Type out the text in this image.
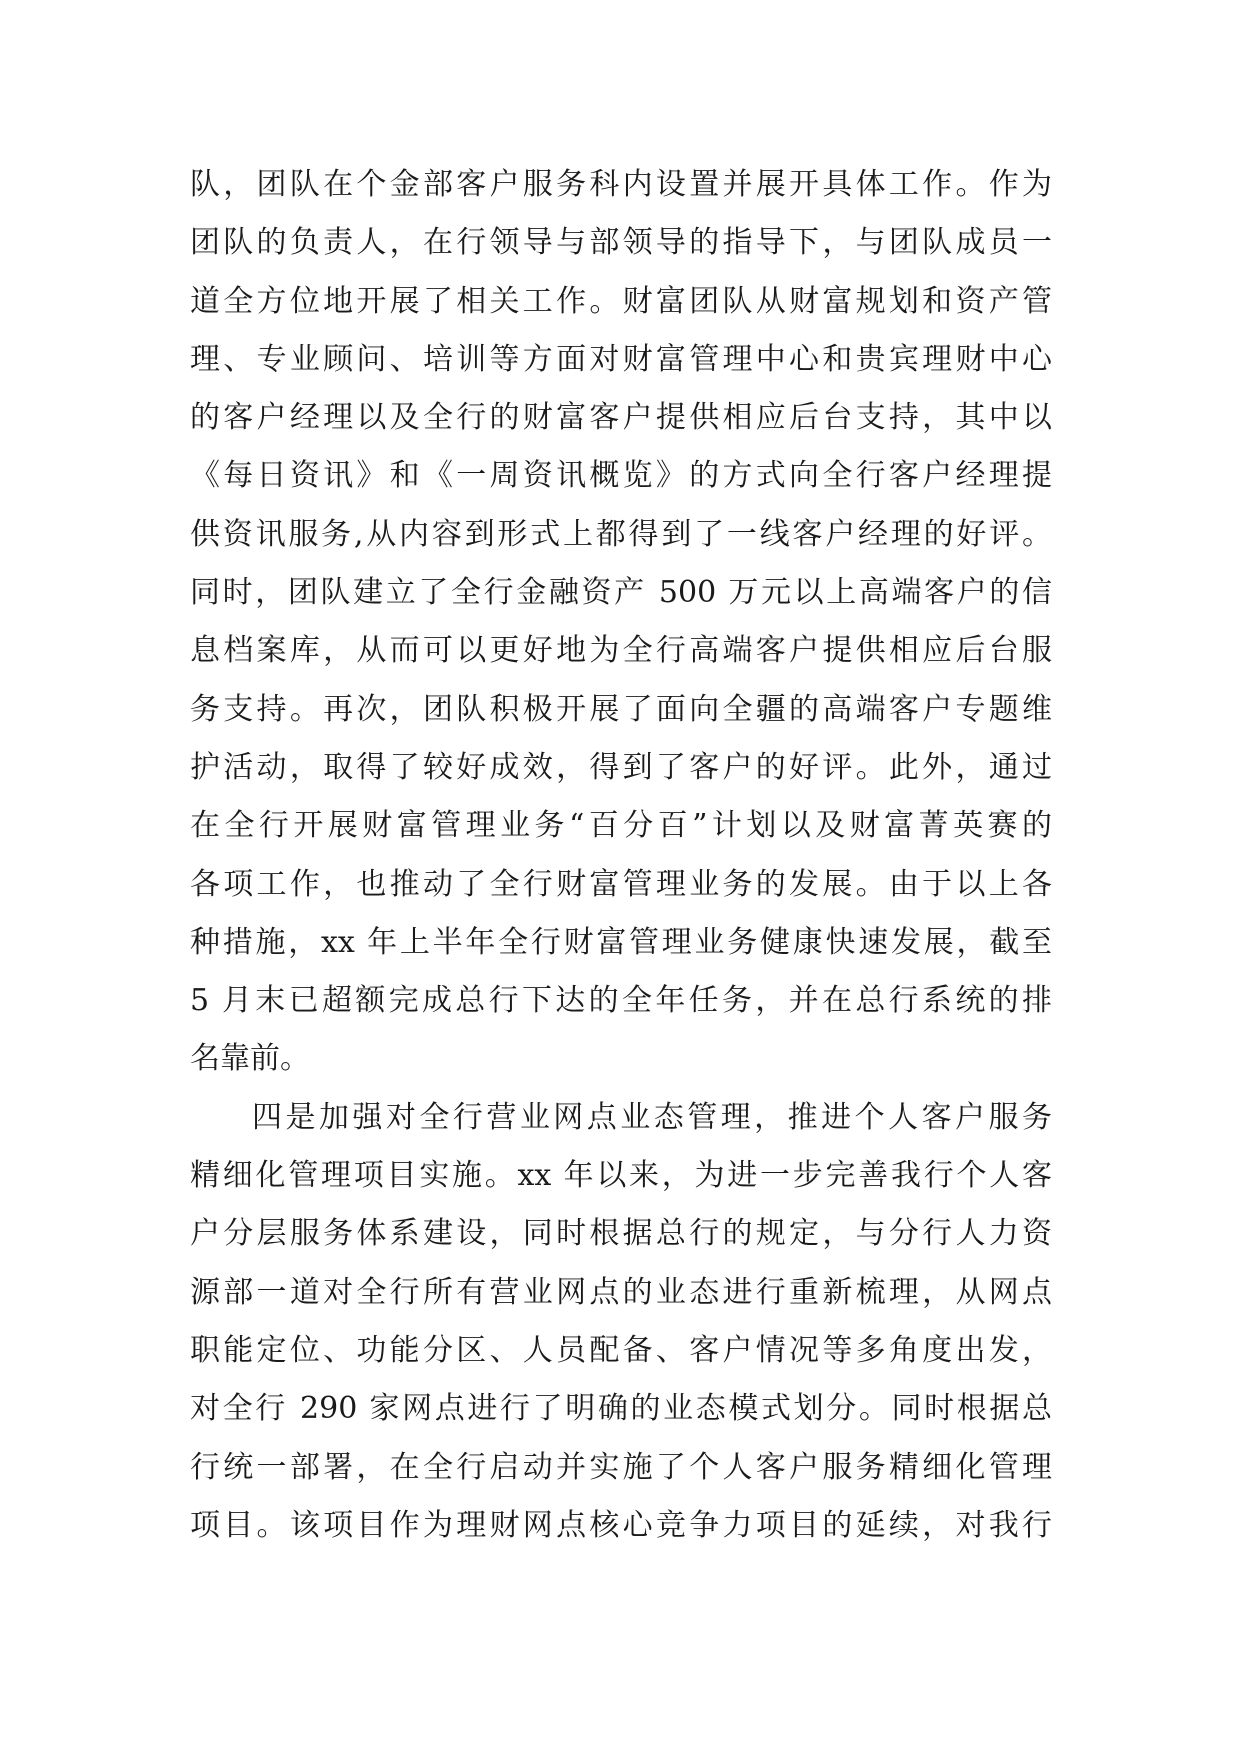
队，团队在个金部客户服务科内设置并展开具体工作。作为
团队的负责人，在行领导与部领导的指导下，与团队成员一
道全方位地开展了相关工作。财富团队从财富规划和资产管
理、专业顾问、培训等方面对财富管理中心和贵宾理财中心
的客户经理以及全行的财富客户提供相应后台支持，其中以
《每日资讯》和《一周资讯概览》的方式向全行客户经理提
供资讯服务,从内容到形式上都得到了一线客户经理的好评。
同时，团队建立了全行金融资产 500 万元以上高端客户的信
息档案库，从而可以更好地为全行高端客户提供相应后台服
务支持。再次，团队积极开展了面向全疆的高端客户专题维
护活动，取得了较好成效，得到了客户的好评。此外，通过
在全行开展财富管理业务“百分百”计划以及财富菁英赛的
各项工作，也推动了全行财富管理业务的发展。由于以上各
种措施，xx 年上半年全行财富管理业务健康快速发展，截至
5 月末已超额完成总行下达的全年任务，并在总行系统的排
名靠前。
四是加强对全行营业网点业态管理，推进个人客户服务
精细化管理项目实施。xx 年以来，为进一步完善我行个人客
户分层服务体系建设，同时根据总行的规定，与分行人力资
源部一道对全行所有营业网点的业态进行重新梳理，从网点
职能定位、功能分区、人员配备、客户情况等多角度出发，
对全行 290 家网点进行了明确的业态模式划分。同时根据总
行统一部署，在全行启动并实施了个人客户服务精细化管理
项目。该项目作为理财网点核心竞争力项目的延续，对我行
